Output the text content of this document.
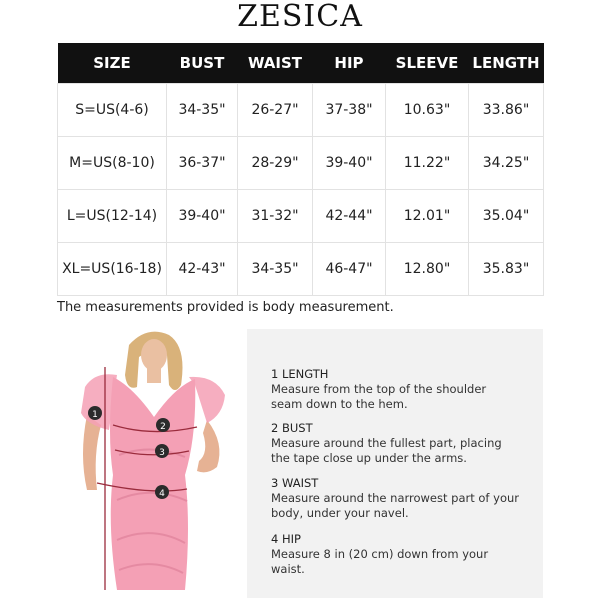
ZESICA
SIZE	BUST	WAIST	HIP	SLEEVE	LENGTH
S=US(4-6)	34-35"	26-27"	37-38"	10.63"	33.86"
M=US(8-10)	36-37"	28-29"	39-40"	11.22"	34.25"
L=US(12-14)	39-40"	31-32"	42-44"	12.01"	35.04"
XL=US(16-18)	42-43"	34-35"	46-47"	12.80"	35.83"
The measurements provided is body measurement.
1
2
3
4
1 LENGTH
Measure from the top of the shoulder seam down to the hem.
2 BUST
Measure around the fullest part, placing the tape close up under the arms.
3 WAIST
Measure around the narrowest part of your body, under your navel.
4 HIP
Measure 8 in (20 cm) down from your waist.
